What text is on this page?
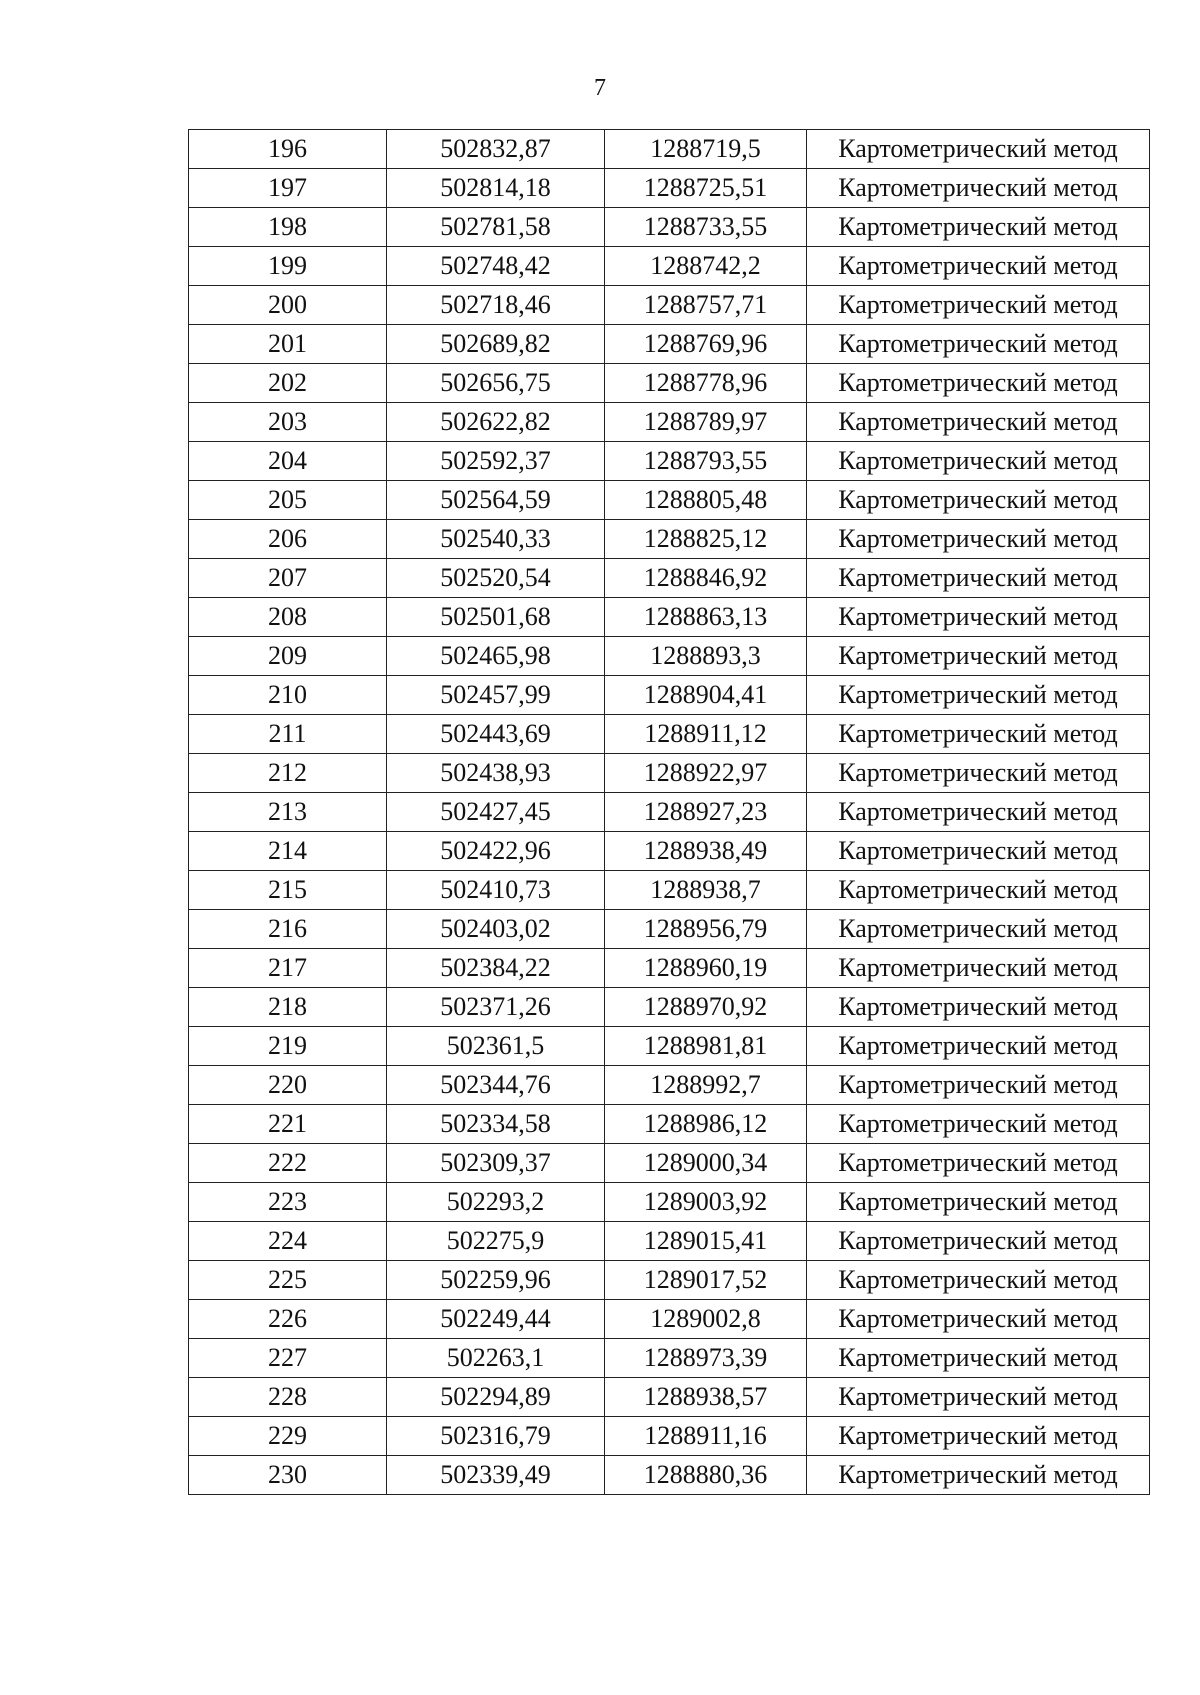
7
196	502832,87	1288719,5	Картометрический метод
197	502814,18	1288725,51	Картометрический метод
198	502781,58	1288733,55	Картометрический метод
199	502748,42	1288742,2	Картометрический метод
200	502718,46	1288757,71	Картометрический метод
201	502689,82	1288769,96	Картометрический метод
202	502656,75	1288778,96	Картометрический метод
203	502622,82	1288789,97	Картометрический метод
204	502592,37	1288793,55	Картометрический метод
205	502564,59	1288805,48	Картометрический метод
206	502540,33	1288825,12	Картометрический метод
207	502520,54	1288846,92	Картометрический метод
208	502501,68	1288863,13	Картометрический метод
209	502465,98	1288893,3	Картометрический метод
210	502457,99	1288904,41	Картометрический метод
211	502443,69	1288911,12	Картометрический метод
212	502438,93	1288922,97	Картометрический метод
213	502427,45	1288927,23	Картометрический метод
214	502422,96	1288938,49	Картометрический метод
215	502410,73	1288938,7	Картометрический метод
216	502403,02	1288956,79	Картометрический метод
217	502384,22	1288960,19	Картометрический метод
218	502371,26	1288970,92	Картометрический метод
219	502361,5	1288981,81	Картометрический метод
220	502344,76	1288992,7	Картометрический метод
221	502334,58	1288986,12	Картометрический метод
222	502309,37	1289000,34	Картометрический метод
223	502293,2	1289003,92	Картометрический метод
224	502275,9	1289015,41	Картометрический метод
225	502259,96	1289017,52	Картометрический метод
226	502249,44	1289002,8	Картометрический метод
227	502263,1	1288973,39	Картометрический метод
228	502294,89	1288938,57	Картометрический метод
229	502316,79	1288911,16	Картометрический метод
230	502339,49	1288880,36	Картометрический метод
